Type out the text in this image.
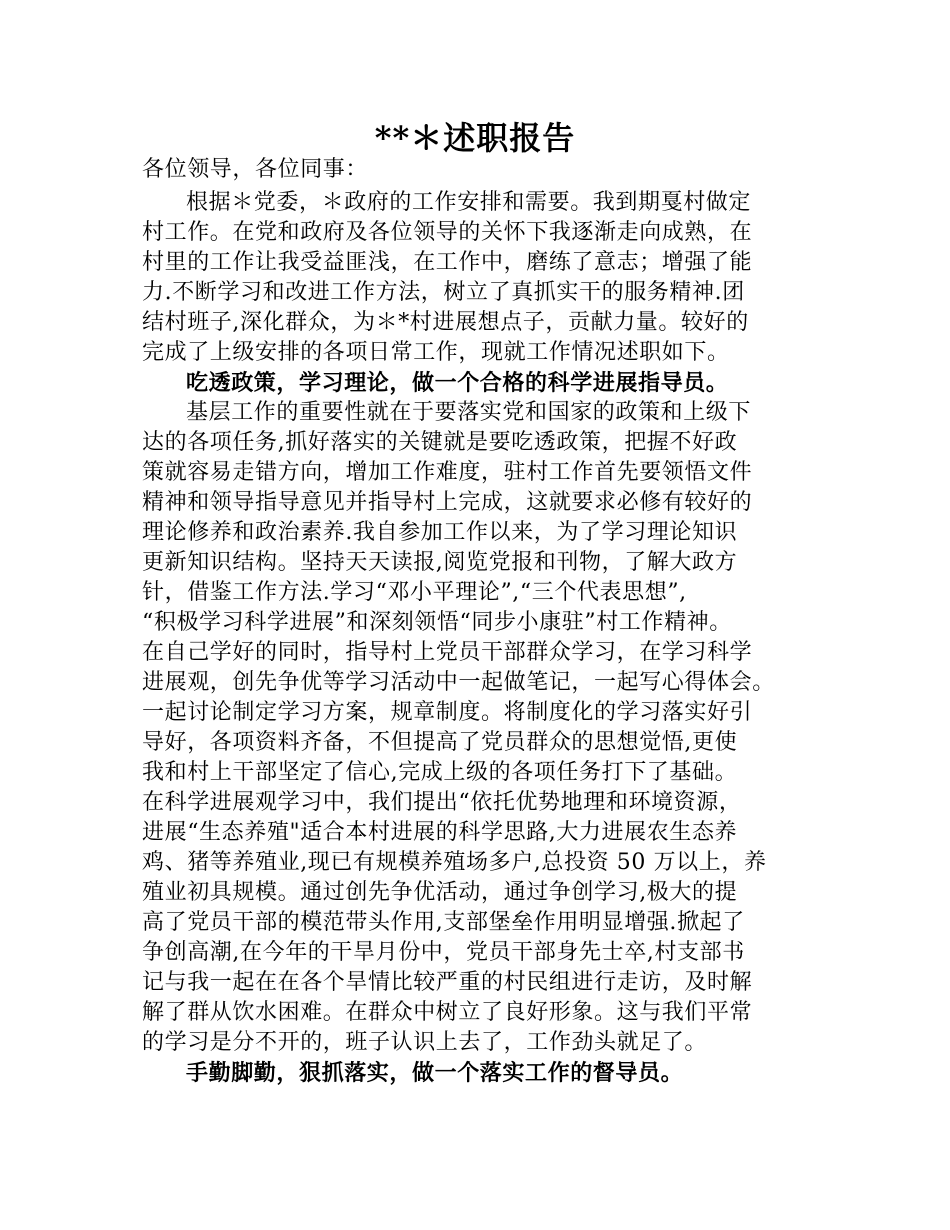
**＊述职报告
各位领导，各位同事：
根据＊党委，＊政府的工作安排和需要。我到期戛村做定
村工作。在党和政府及各位领导的关怀下我逐渐走向成熟，在
村里的工作让我受益匪浅，在工作中，磨练了意志；增强了能
力.不断学习和改进工作方法，树立了真抓实干的服务精神.团
结村班子,深化群众，为＊*村进展想点子，贡献力量。较好的
完成了上级安排的各项日常工作，现就工作情况述职如下。
吃透政策，学习理论，做一个合格的科学进展指导员。
基层工作的重要性就在于要落实党和国家的政策和上级下
达的各项任务,抓好落实的关键就是要吃透政策，把握不好政
策就容易走错方向，增加工作难度，驻村工作首先要领悟文件
精神和领导指导意见并指导村上完成，这就要求必修有较好的
理论修养和政治素养.我自参加工作以来，为了学习理论知识
更新知识结构。坚持天天读报,阅览党报和刊物，了解大政方
针，借鉴工作方法.学习“邓小平理论”,“三个代表思想”,
“积极学习科学进展”和深刻领悟“同步小康驻”村工作精神。
在自己学好的同时，指导村上党员干部群众学习，在学习科学
进展观，创先争优等学习活动中一起做笔记，一起写心得体会。
一起讨论制定学习方案，规章制度。将制度化的学习落实好引
导好，各项资料齐备，不但提高了党员群众的思想觉悟,更使
我和村上干部坚定了信心,完成上级的各项任务打下了基础。
在科学进展观学习中，我们提出“依托优势地理和环境资源，
进展“生态养殖"适合本村进展的科学思路,大力进展农生态养
鸡、猪等养殖业,现已有规模养殖场多户,总投资 50 万以上，养
殖业初具规模。通过创先争优活动，通过争创学习,极大的提
高了党员干部的模范带头作用,支部堡垒作用明显增强.掀起了
争创高潮,在今年的干旱月份中，党员干部身先士卒,村支部书
记与我一起在在各个旱情比较严重的村民组进行走访，及时解
解了群从饮水困难。在群众中树立了良好形象。这与我们平常
的学习是分不开的，班子认识上去了，工作劲头就足了。
手勤脚勤，狠抓落实，做一个落实工作的督导员。
